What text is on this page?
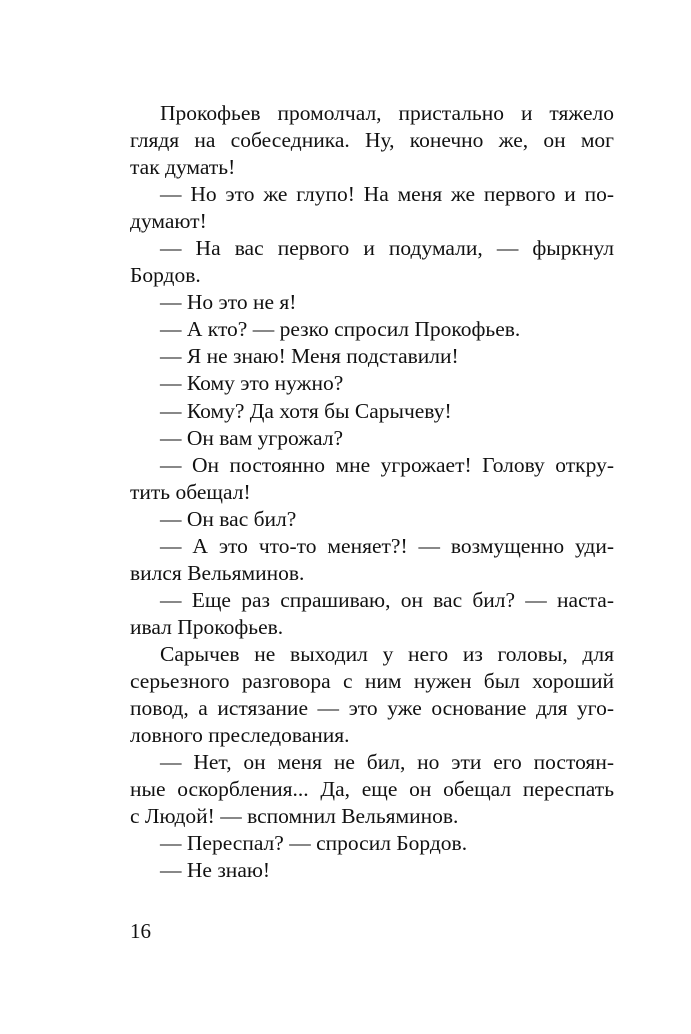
Прокофьев промолчал, пристально и тяжело
глядя на собеседника. Ну, конечно же, он мог
так думать!
— Но это же глупо! На меня же первого и по-
думают!
— На вас первого и подумали, — фыркнул
Бордов.
— Но это не я!
— А кто? — резко спросил Прокофьев.
— Я не знаю! Меня подставили!
— Кому это нужно?
— Кому? Да хотя бы Сарычеву!
— Он вам угрожал?
— Он постоянно мне угрожает! Голову откру-
тить обещал!
— Он вас бил?
— А это что-то меняет?! — возмущенно уди-
вился Вельяминов.
— Еще раз спрашиваю, он вас бил? — наста-
ивал Прокофьев.
Сарычев не выходил у него из головы, для
серьезного разговора с ним нужен был хороший
повод, а истязание — это уже основание для уго-
ловного преследования.
— Нет, он меня не бил, но эти его постоян-
ные оскорбления... Да, еще он обещал переспать
с Людой! — вспомнил Вельяминов.
— Переспал? — спросил Бордов.
— Не знаю!
16
